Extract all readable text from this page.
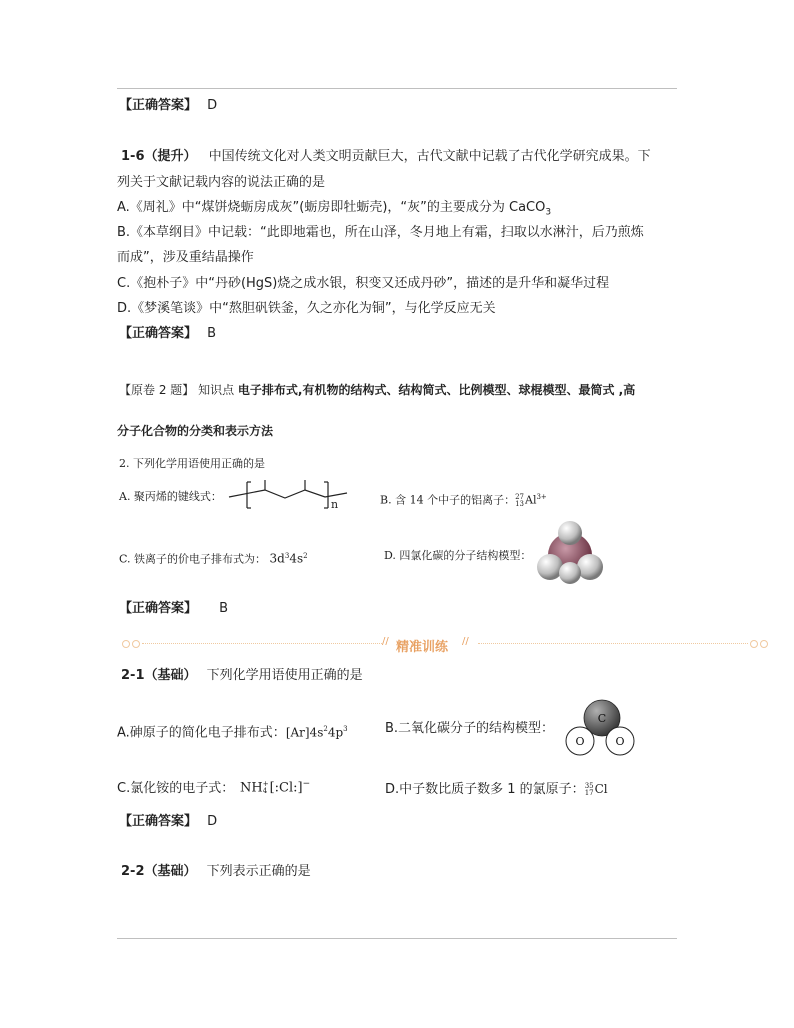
【正确答案】 D
1-6（提升） 中国传统文化对人类文明贡献巨大，古代文献中记载了古代化学研究成果。下
列关于文献记载内容的说法正确的是
A.《周礼》中“煤饼烧蛎房成灰”(蛎房即牡蛎壳)，“灰”的主要成分为 CaCO$_3$
B.《本草纲目》中记载：“此即地霜也，所在山泽，冬月地上有霜，扫取以水淋汁，后乃煎炼
而成”，涉及重结晶操作
C.《抱朴子》中“丹砂(HgS)烧之成水银，积变又还成丹砂”，描述的是升华和凝华过程
D.《梦溪笔谈》中“熬胆矾铁釜，久之亦化为铜”，与化学反应无关
【正确答案】 B
【原卷 2 题】 知识点 电子排布式,有机物的结构式、结构简式、比例模型、球棍模型、最简式 ,高
分子化合物的分类和表示方法
2. 下列化学用语使用正确的是
A. 聚丙烯的键线式：
n	B. 含 14 个中子的铝离子：27
$13Al^{3+}$
C. 铁离子的价电子排布式为： $3d^34s^2$	D. 四氯化碳的分子结构模型：
【正确答案】 B
// 精准训练 //
2-1（基础） 下列化学用语使用正确的是
A.砷原子的简化电子排布式：$[Ar]4s^24p^3$	B.二氧化碳分子的结构模型：
C
O	O
C.氯化铵的电子式： NH+
4 [:Cl:]−	D.中子数比质子数多 1 的氯原子：35
17Cl
【正确答案】 D
2-2（基础） 下列表示正确的是
